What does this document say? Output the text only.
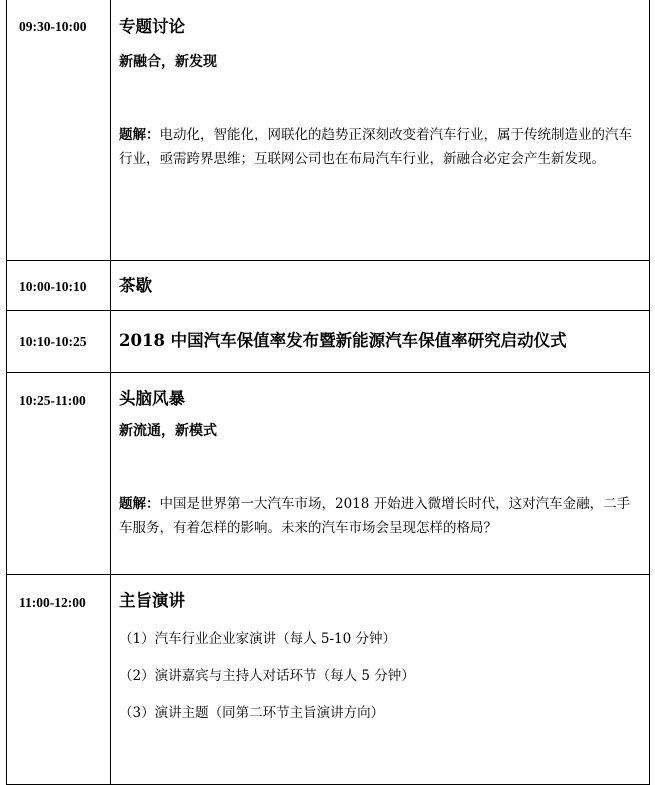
09:30-10:00	专题讨论
新融合，新发现
题解：电动化，智能化，网联化的趋势正深刻改变着汽车行业，属于传统制造业的汽车行业，亟需跨界思维；互联网公司也在布局汽车行业，新融合必定会产生新发现。

10:00-10:10	茶歇

10:10-10:25	2018 中国汽车保值率发布暨新能源汽车保值率研究启动仪式

10:25-11:00	头脑风暴
新流通，新模式
题解：中国是世界第一大汽车市场，2018 开始进入微增长时代，这对汽车金融，二手车服务，有着怎样的影响。未来的汽车市场会呈现怎样的格局？

11:00-12:00	主旨演讲
（1）汽车行业企业家演讲（每人 5-10 分钟）
（2）演讲嘉宾与主持人对话环节（每人 5 分钟）
（3）演讲主题（同第二环节主旨演讲方向）
